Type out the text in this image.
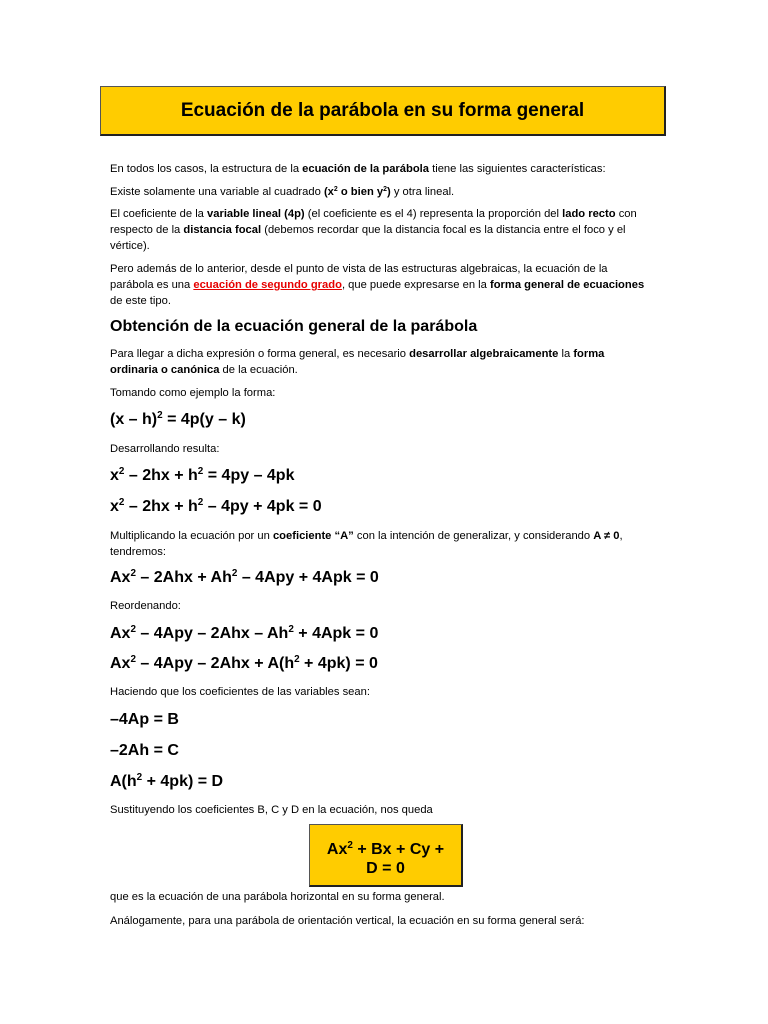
Ecuación de la parábola en su forma general

En todos los casos, la estructura de la ecuación de la parábola tiene las siguientes características:

Existe solamente una variable al cuadrado ($x^2$ o bien $y^2$) y otra lineal.

El coeficiente de la variable lineal (4p) (el coeficiente es el 4) representa la proporción del lado recto con respecto de la distancia focal (debemos recordar que la distancia focal es la distancia entre el foco y el vértice).

Pero además de lo anterior, desde el punto de vista de las estructuras algebraicas, la ecuación de la parábola es una ecuación de segundo grado, que puede expresarse en la forma general de ecuaciones de este tipo.

Obtención de la ecuación general de la parábola

Para llegar a dicha expresión o forma general, es necesario desarrollar algebraicamente la forma ordinaria o canónica de la ecuación.

Tomando como ejemplo la forma:

(x – h)$^2$ = 4p(y – k)

Desarrollando resulta:

$x^2 - 2hx + h^2 = 4py - 4pk$

$x^2 - 2hx + h^2 - 4py + 4pk = 0$

Multiplicando la ecuación por un coeficiente “A” con la intención de generalizar, y considerando A ≠ 0, tendremos:

$Ax^2 - 2Ahx + Ah^2 - 4Apy + 4Apk = 0$

Reordenando:

$Ax^2 - 4Apy - 2Ahx - Ah^2 + 4Apk = 0$

$Ax^2 - 4Apy - 2Ahx + A(h^2 + 4pk) = 0$

Haciendo que los coeficientes de las variables sean:

–4Ap = B

–2Ah = C

$A(h^2 + 4pk) = D$

Sustituyendo los coeficientes B, C y D en la ecuación, nos queda

$Ax^2 + Bx + Cy$ +
D = 0

que es la ecuación de una parábola horizontal en su forma general.

Análogamente, para una parábola de orientación vertical, la ecuación en su forma general será:
